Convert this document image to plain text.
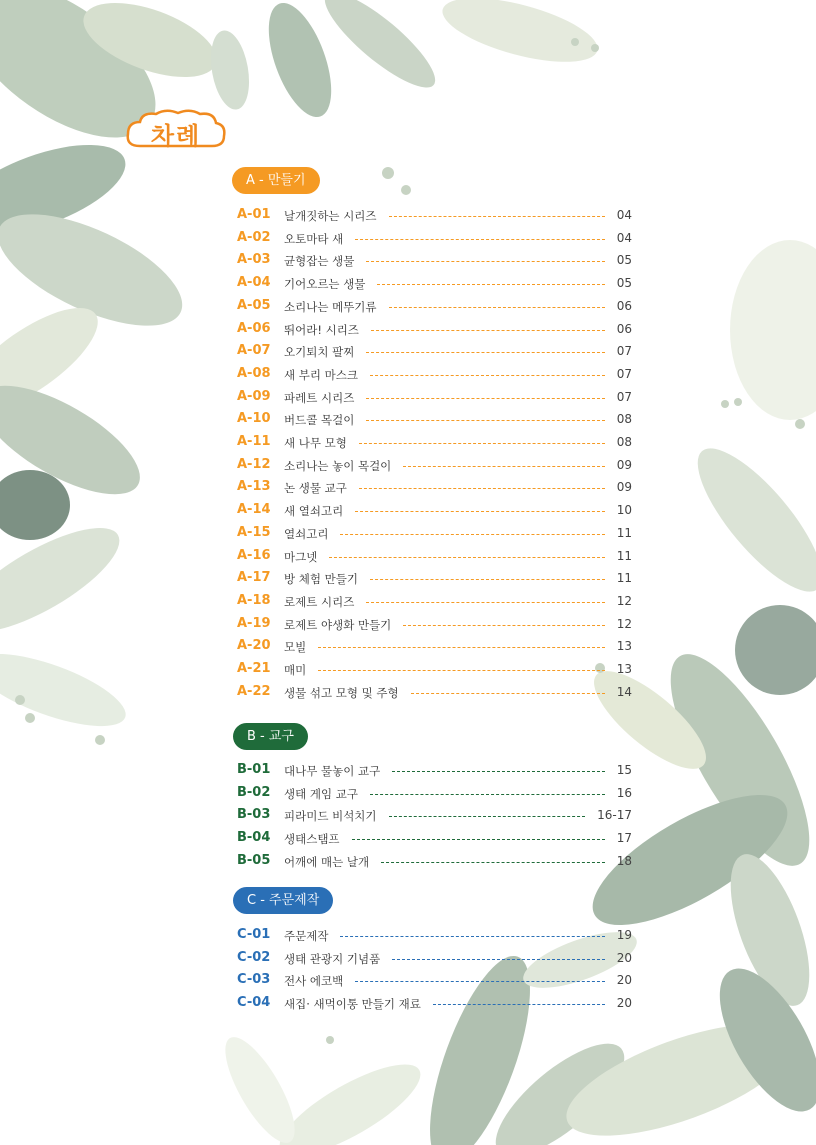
차례
A - 만들기
B - 교구
C - 주문제작
A-01	날개짓하는 시리즈	04
A-02	오토마타 새	04
A-03	균형잡는 생물	05
A-04	기어오르는 생물	05
A-05	소리나는 메뚜기류	06
A-06	뛰어라! 시리즈	06
A-07	오기퇴치 팔찌	07
A-08	새 부리 마스크	07
A-09	파레트 시리즈	07
A-10	버드콜 목걸이	08
A-11	새 나무 모형	08
A-12	소리나는 놓이 목걸이	09
A-13	논 생물 교구	09
A-14	새 열쇠고리	10
A-15	열쇠고리	11
A-16	마그넷	11
A-17	방 체험 만들기	11
A-18	로제트 시리즈	12
A-19	로제트 야생화 만들기	12
A-20	모빌	13
A-21	매미	13
A-22	생물 섞고 모형 및 주형	14
B-01	대나무 물놓이 교구	15
B-02	생태 게임 교구	16
B-03	피라미드 비석치기	16-17
B-04	생태스탬프	17
B-05	어깨에 매는 날개	18
C-01	주문제작	19
C-02	생태 관광지 기념품	20
C-03	전사 에코백	20
C-04	새집· 새먹이통 만들기 재료	20
